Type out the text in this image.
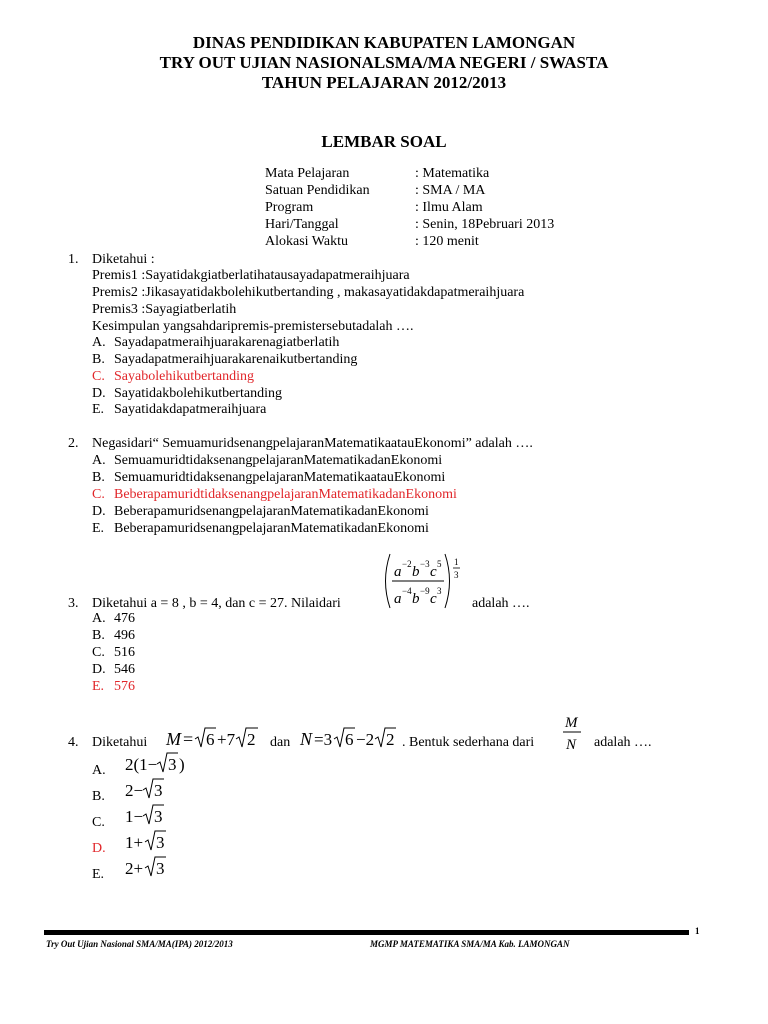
DINAS PENDIDIKAN KABUPATEN LAMONGAN
TRY OUT UJIAN NASIONALSMA/MA NEGERI / SWASTA
TAHUN PELAJARAN 2012/2013
LEMBAR SOAL
Mata Pelajaran	: Matematika
Satuan Pendidikan	: SMA / MA
Program	: Ilmu Alam
Hari/Tanggal	: Senin, 18Pebruari 2013
Alokasi Waktu	: 120 menit
1. Diketahui :
Premis1 :Sayatidakgiatberlatihatausayadapatmeraihjuara
Premis2 :Jikasayatidakbolehikutbertanding , makasayatidakdapatmeraihjuara
Premis3 :Sayagiatberlatih
Kesimpulan yangsahdaripremis-premistersebutadalah ….
A. Sayadapatmeraihjuarakarenagiatberlatih
B. Sayadapatmeraihjuarakarenaikutbertanding
C. Sayabolehikutbertanding
D. Sayatidakbolehikutbertanding
E. Sayatidakdapatmeraihjuara
2. Negasidari“ SemuamuridsenangpelajaranMatematikaatauEkonomi” adalah ….
A. SemuamuridtidaksenangpelajaranMatematikadanEkonomi
B. SemuamuridtidaksenangpelajaranMatematikaatauEkonomi
C. BeberapamuridtidaksenangpelajaranMatematikadanEkonomi
D. BeberapamuridsenangpelajaranMatematikadanEkonomi
E. BeberapamuridsenangpelajaranMatematikadanEkonomi
3. Diketahui a = 8 , b = 4, dan c = 27. Nilaidari
a −2 b −3 c 5
a −4 b −9 c 3
1
3
adalah ….
A. 476
B. 496
C. 516
D. 546
E. 576
4. Diketahui M = 6 +7 2 dan N =3 6 −2 2 . Bentuk sederhana dari
M
N adalah ….
A. 2(1− 3 )
B. 2− 3
C. 1− 3
D. 1+ 3
E. 2+ 3
1
Try Out Ujian Nasional SMA/MA(IPA) 2012/2013	MGMP MATEMATIKA SMA/MA Kab. LAMONGAN
